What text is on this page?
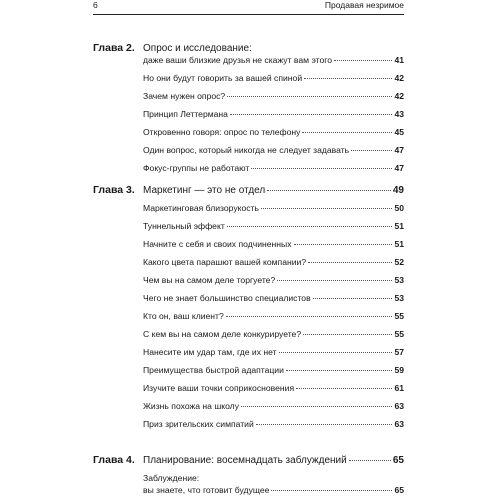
6	Продавая незримое
Глава 2. Опрос и исследование:
даже ваши близкие друзья не скажут вам этого	41
Но они будут говорить за вашей спиной	42
Зачем нужен опрос?	42
Принцип Леттермана	43
Откровенно говоря: опрос по телефону	45
Один вопрос, который никогда не следует задавать	47
Фокус-группы не работают	47
Глава 3. Маркетинг — это не отдел	49
Маркетинговая близорукость	50
Туннельный эффект	51
Начните с себя и своих подчиненных	51
Какого цвета парашют вашей компании?	52
Чем вы на самом деле торгуете?	53
Чего не знает большинство специалистов	53
Кто он, ваш клиент?	55
С кем вы на самом деле конкурируете?	55
Нанесите им удар там, где их нет	57
Преимущества быстрой адаптации	59
Изучите ваши точки соприкосновения	61
Жизнь похожа на школу	63
Приз зрительских симпатий	63
Глава 4. Планирование: восемнадцать заблуждений	65
Заблуждение:
вы знаете, что готовит будущее	65
